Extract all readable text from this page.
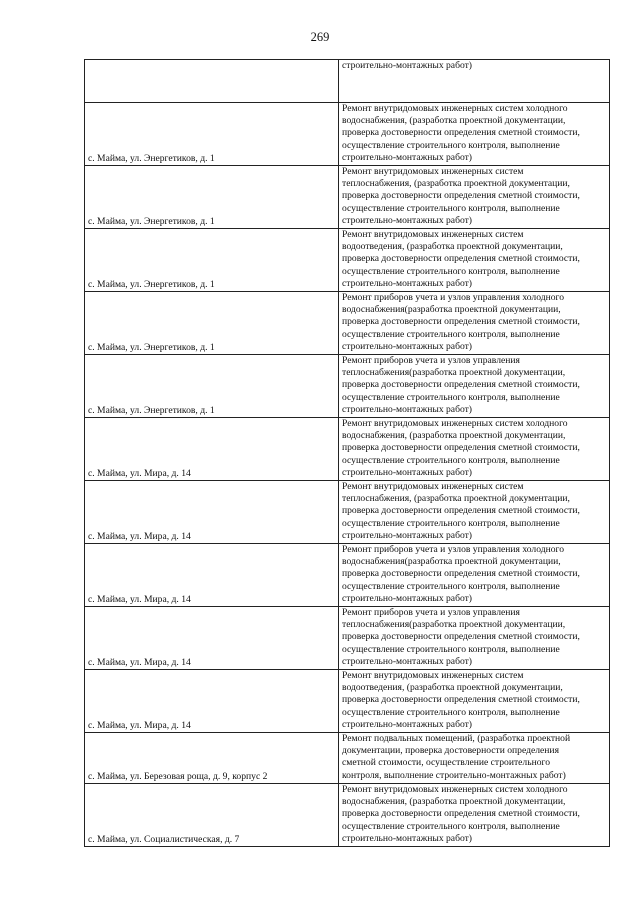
269
	строительно-монтажных работ)
с. Майма, ул. Энергетиков, д. 1	Ремонт внутридомовых инженерных систем холодного
водоснабжения, (разработка проектной документации,
проверка достоверности определения сметной стоимости,
осуществление строительного контроля, выполнение
строительно-монтажных работ)
с. Майма, ул. Энергетиков, д. 1	Ремонт внутридомовых инженерных систем
теплоснабжения, (разработка проектной документации,
проверка достоверности определения сметной стоимости,
осуществление строительного контроля, выполнение
строительно-монтажных работ)
с. Майма, ул. Энергетиков, д. 1	Ремонт внутридомовых инженерных систем
водоотведения, (разработка проектной документации,
проверка достоверности определения сметной стоимости,
осуществление строительного контроля, выполнение
строительно-монтажных работ)
с. Майма, ул. Энергетиков, д. 1	Ремонт приборов учета и узлов управления холодного
водоснабжения(разработка проектной документации,
проверка достоверности определения сметной стоимости,
осуществление строительного контроля, выполнение
строительно-монтажных работ)
с. Майма, ул. Энергетиков, д. 1	Ремонт приборов учета и узлов управления
теплоснабжения(разработка проектной документации,
проверка достоверности определения сметной стоимости,
осуществление строительного контроля, выполнение
строительно-монтажных работ)
с. Майма, ул. Мира, д. 14	Ремонт внутридомовых инженерных систем холодного
водоснабжения, (разработка проектной документации,
проверка достоверности определения сметной стоимости,
осуществление строительного контроля, выполнение
строительно-монтажных работ)
с. Майма, ул. Мира, д. 14	Ремонт внутридомовых инженерных систем
теплоснабжения, (разработка проектной документации,
проверка достоверности определения сметной стоимости,
осуществление строительного контроля, выполнение
строительно-монтажных работ)
с. Майма, ул. Мира, д. 14	Ремонт приборов учета и узлов управления холодного
водоснабжения(разработка проектной документации,
проверка достоверности определения сметной стоимости,
осуществление строительного контроля, выполнение
строительно-монтажных работ)
с. Майма, ул. Мира, д. 14	Ремонт приборов учета и узлов управления
теплоснабжения(разработка проектной документации,
проверка достоверности определения сметной стоимости,
осуществление строительного контроля, выполнение
строительно-монтажных работ)
с. Майма, ул. Мира, д. 14	Ремонт внутридомовых инженерных систем
водоотведения, (разработка проектной документации,
проверка достоверности определения сметной стоимости,
осуществление строительного контроля, выполнение
строительно-монтажных работ)
с. Майма, ул. Березовая роща, д. 9, корпус 2	Ремонт подвальных помещений, (разработка проектной
документации, проверка достоверности определения
сметной стоимости, осуществление строительного
контроля, выполнение строительно-монтажных работ)
с. Майма, ул. Социалистическая, д. 7	Ремонт внутридомовых инженерных систем холодного
водоснабжения, (разработка проектной документации,
проверка достоверности определения сметной стоимости,
осуществление строительного контроля, выполнение
строительно-монтажных работ)
